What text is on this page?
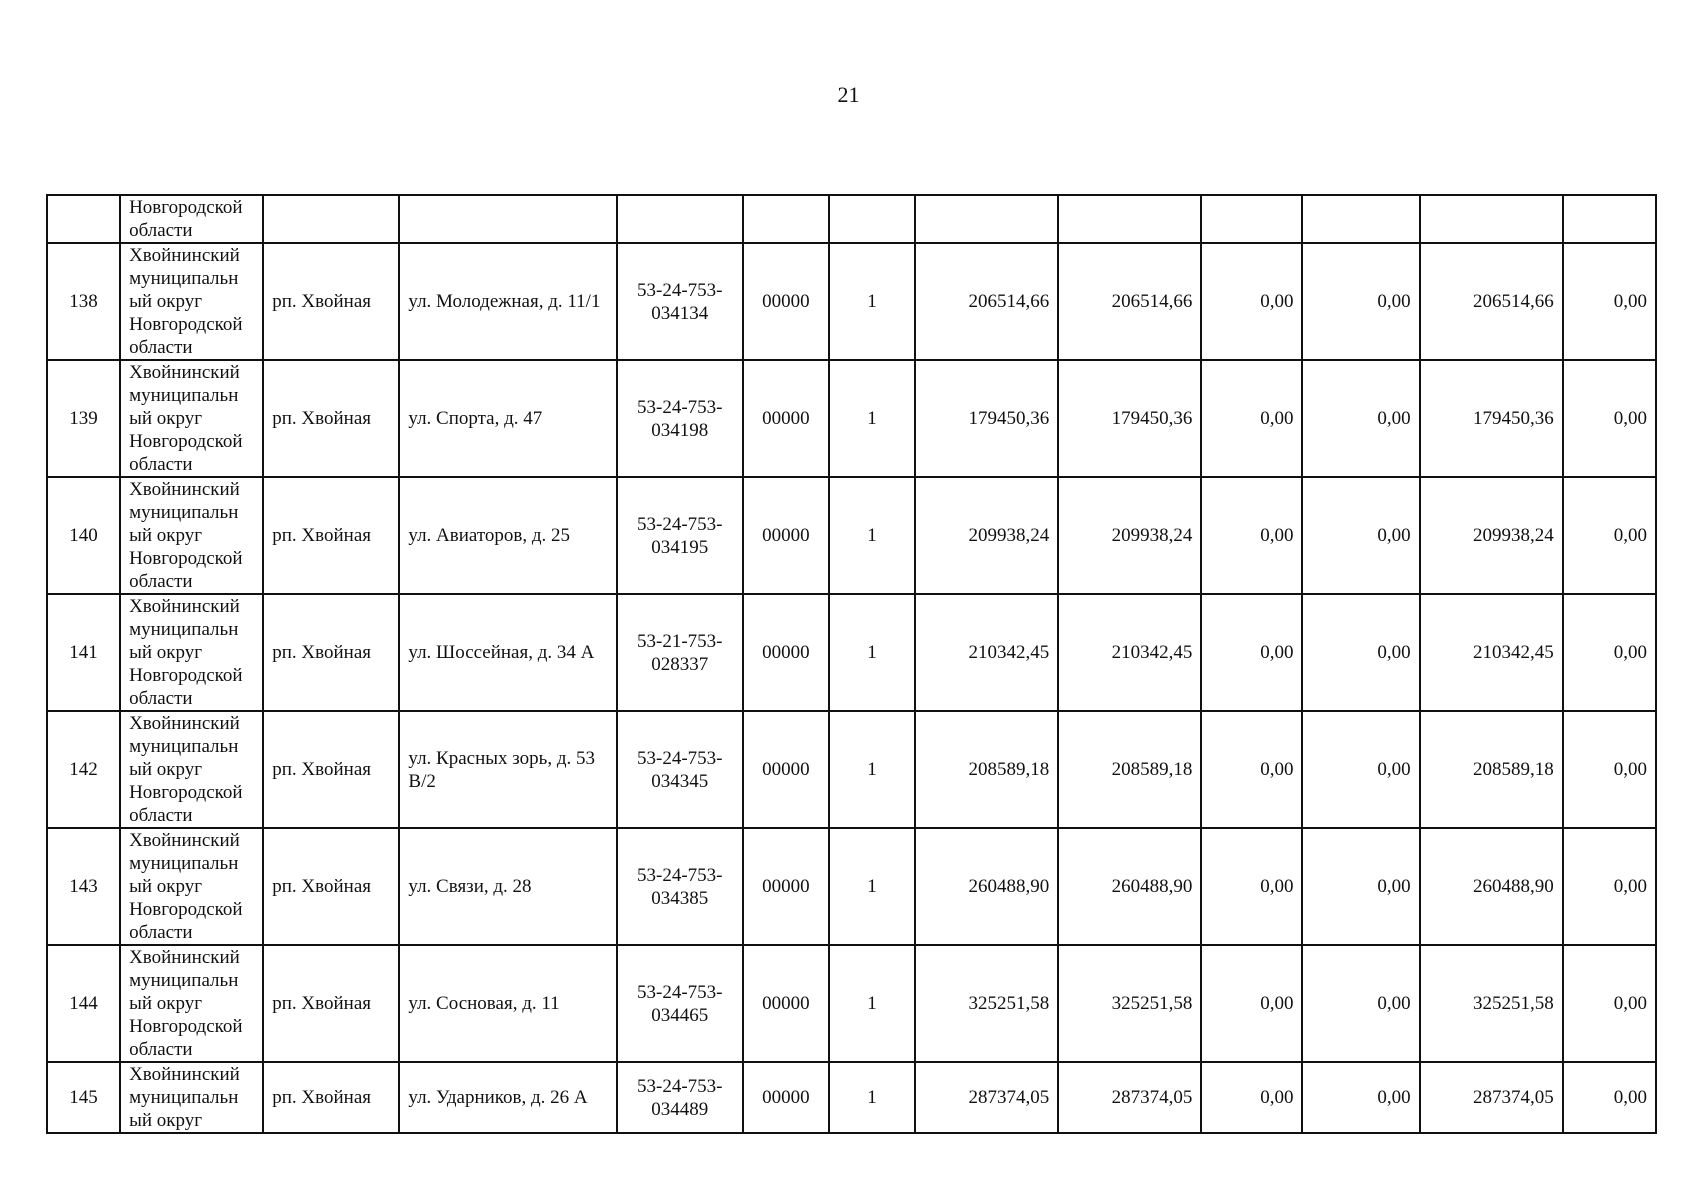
21
	Новгородской области											
138	Хвойнинский муниципальн ый округ Новгородской области	рп. Хвойная	ул. Молодежная, д. 11/1	53-24-753-034134	00000	1	206514,66	206514,66	0,00	0,00	206514,66	0,00
139	Хвойнинский муниципальн ый округ Новгородской области	рп. Хвойная	ул. Спорта, д. 47	53-24-753-034198	00000	1	179450,36	179450,36	0,00	0,00	179450,36	0,00
140	Хвойнинский муниципальн ый округ Новгородской области	рп. Хвойная	ул. Авиаторов, д. 25	53-24-753-034195	00000	1	209938,24	209938,24	0,00	0,00	209938,24	0,00
141	Хвойнинский муниципальн ый округ Новгородской области	рп. Хвойная	ул. Шоссейная, д. 34 А	53-21-753-028337	00000	1	210342,45	210342,45	0,00	0,00	210342,45	0,00
142	Хвойнинский муниципальн ый округ Новгородской области	рп. Хвойная	ул. Красных зорь, д. 53 В/2	53-24-753-034345	00000	1	208589,18	208589,18	0,00	0,00	208589,18	0,00
143	Хвойнинский муниципальн ый округ Новгородской области	рп. Хвойная	ул. Связи, д. 28	53-24-753-034385	00000	1	260488,90	260488,90	0,00	0,00	260488,90	0,00
144	Хвойнинский муниципальн ый округ Новгородской области	рп. Хвойная	ул. Сосновая, д. 11	53-24-753-034465	00000	1	325251,58	325251,58	0,00	0,00	325251,58	0,00
145	Хвойнинский муниципальн ый округ	рп. Хвойная	ул. Ударников, д. 26 А	53-24-753-034489	00000	1	287374,05	287374,05	0,00	0,00	287374,05	0,00
